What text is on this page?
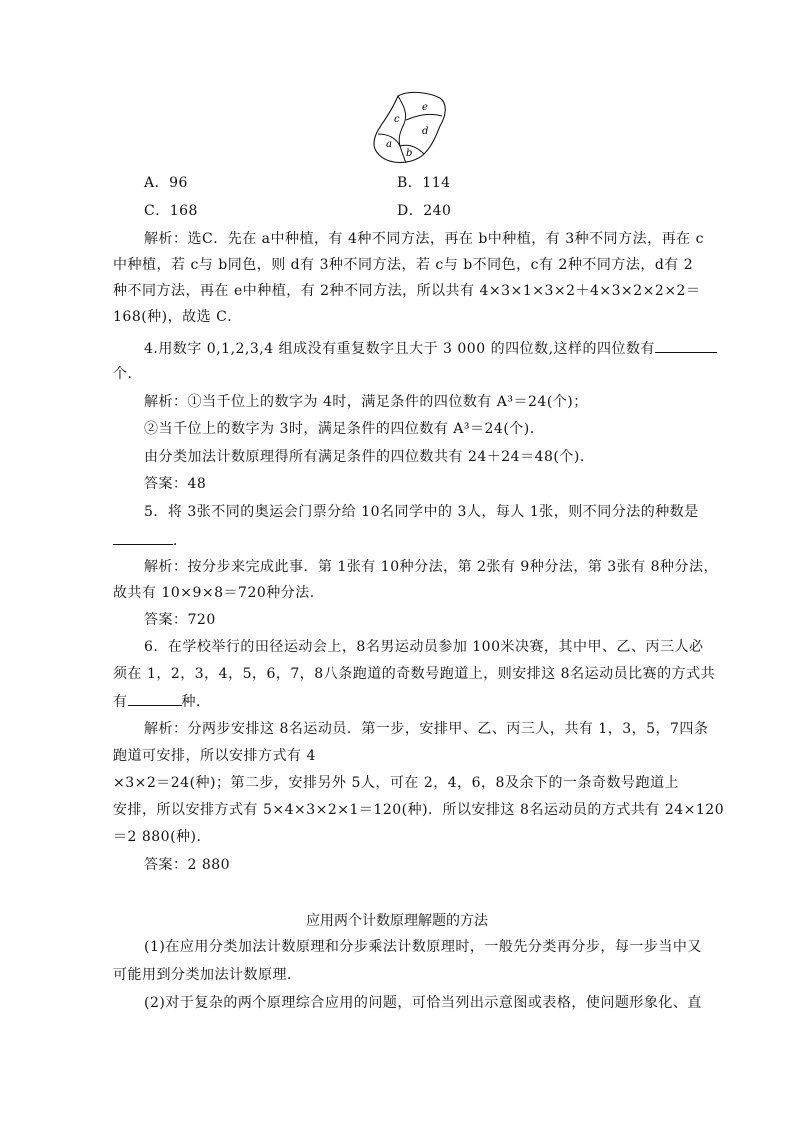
e
c
d
a
b
A．96	B．114
C．168	D．240
解析：选C．先在 a中种植，有 4种不同方法，再在 b中种植，有 3种不同方法，再在 c
中种植，若 c与 b同色，则 d有 3种不同方法，若 c与 b不同色，c有 2种不同方法，d有 2
种不同方法，再在 e中种植，有 2种不同方法，所以共有 4×3×1×3×2＋4×3×2×2×2＝
168(种)，故选 C．
4.用数字 0,1,2,3,4 组成没有重复数字且大于 3 000 的四位数,这样的四位数有
个．
解析：①当千位上的数字为 4时，满足条件的四位数有 A³＝24(个)；
②当千位上的数字为 3时，满足条件的四位数有 A³＝24(个)．
由分类加法计数原理得所有满足条件的四位数共有 24＋24＝48(个)．
答案：48
5．将 3张不同的奥运会门票分给 10名同学中的 3人，每人 1张，则不同分法的种数是
．
解析：按分步来完成此事．第 1张有 10种分法，第 2张有 9种分法，第 3张有 8种分法，
故共有 10×9×8＝720种分法．
答案：720
6．在学校举行的田径运动会上，8名男运动员参加 100米决赛，其中甲、乙、丙三人必
须在 1，2，3，4，5，6，7，8八条跑道的奇数号跑道上，则安排这 8名运动员比赛的方式共
有	种．
解析：分两步安排这 8名运动员．第一步，安排甲、乙、丙三人，共有 1，3，5，7四条
跑道可安排，所以安排方式有 4
×3×2＝24(种)；第二步，安排另外 5人，可在 2，4，6，8及余下的一条奇数号跑道上
安排，所以安排方式有 5×4×3×2×1＝120(种)．所以安排这 8名运动员的方式共有 24×120
＝2 880(种)．
答案：2 880
应用两个计数原理解题的方法
(1)在应用分类加法计数原理和分步乘法计数原理时，一般先分类再分步，每一步当中又
可能用到分类加法计数原理．
(2)对于复杂的两个原理综合应用的问题，可恰当列出示意图或表格，使问题形象化、直
